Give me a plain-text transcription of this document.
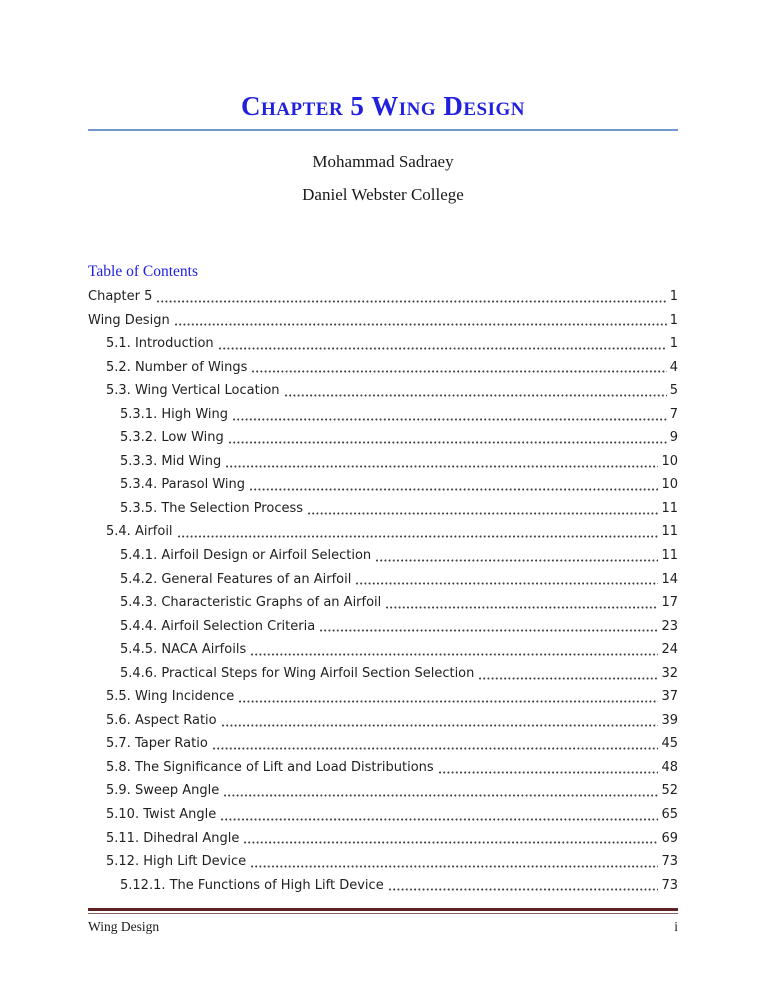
Chapter 5 Wing Design

Mohammad Sadraey

Daniel Webster College

Table of Contents
Chapter 5	1
Wing Design	1
5.1. Introduction	1
5.2. Number of Wings	4
5.3. Wing Vertical Location	5
5.3.1. High Wing	7
5.3.2. Low Wing	9
5.3.3. Mid Wing	10
5.3.4. Parasol Wing	10
5.3.5. The Selection Process	11
5.4. Airfoil	11
5.4.1. Airfoil Design or Airfoil Selection	11
5.4.2. General Features of an Airfoil	14
5.4.3. Characteristic Graphs of an Airfoil	17
5.4.4. Airfoil Selection Criteria	23
5.4.5. NACA Airfoils	24
5.4.6. Practical Steps for Wing Airfoil Section Selection	32
5.5. Wing Incidence	37
5.6. Aspect Ratio	39
5.7. Taper Ratio	45
5.8. The Significance of Lift and Load Distributions	48
5.9. Sweep Angle	52
5.10. Twist Angle	65
5.11. Dihedral Angle	69
5.12. High Lift Device	73
5.12.1. The Functions of High Lift Device	73
Wing Design	i
